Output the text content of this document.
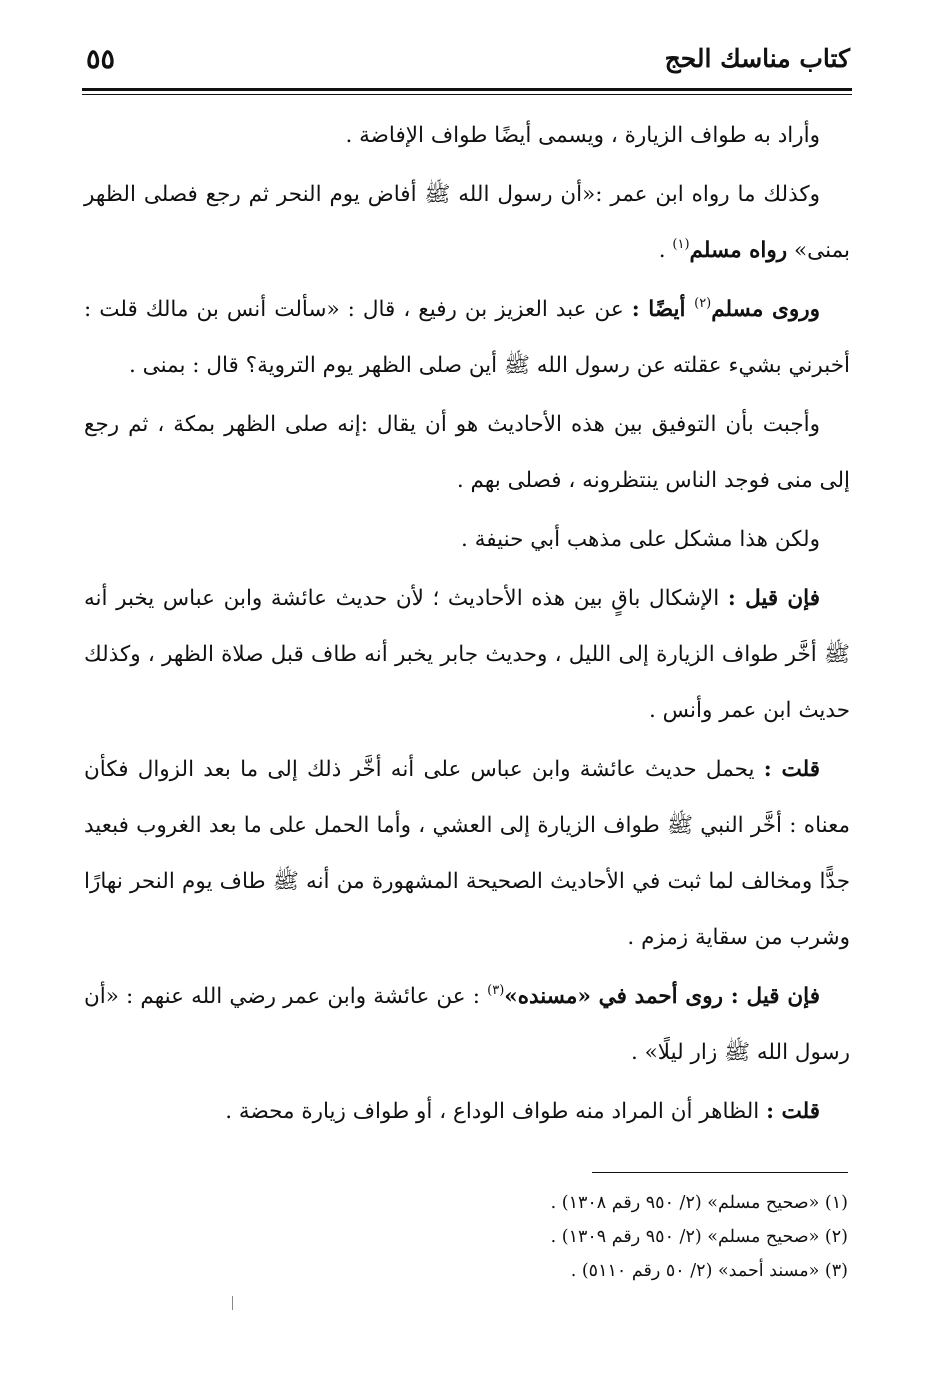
٥٥	كتاب مناسك الحج

وأراد به طواف الزيارة ، ويسمى أيضًا طواف الإفاضة .

وكذلك ما رواه ابن عمر :«أن رسول الله ﷺ أفاض يوم النحر ثم رجع فصلى الظهر بمنى» رواه مسلم$^{(١)}$ .

وروى مسلم$^{(٢)}$ أيضًا : عن عبد العزيز بن رفيع ، قال : «سألت أنس بن مالك قلت : أخبرني بشيء عقلته عن رسول الله ﷺ أين صلى الظهر يوم التروية؟ قال : بمنى .

وأجبت بأن التوفيق بين هذه الأحاديث هو أن يقال :إنه صلى الظهر بمكة ، ثم رجع إلى منى فوجد الناس ينتظرونه ، فصلى بهم .

ولكن هذا مشكل على مذهب أبي حنيفة .

فإن قيل : الإشكال باقٍ بين هذه الأحاديث ؛ لأن حديث عائشة وابن عباس يخبر أنه ﷺ أخَّر طواف الزيارة إلى الليل ، وحديث جابر يخبر أنه طاف قبل صلاة الظهر ، وكذلك حديث ابن عمر وأنس .

قلت : يحمل حديث عائشة وابن عباس على أنه أخَّر ذلك إلى ما بعد الزوال فكأن معناه : أخَّر النبي ﷺ طواف الزيارة إلى العشي ، وأما الحمل على ما بعد الغروب فبعيد جدًّا ومخالف لما ثبت في الأحاديث الصحيحة المشهورة من أنه ﷺ طاف يوم النحر نهارًا وشرب من سقاية زمزم .

فإن قيل : روى أحمد في «مسنده»$^{(٣)}$ : عن عائشة وابن عمر رضي الله عنهم : «أن رسول الله ﷺ زار ليلًا» .

قلت : الظاهر أن المراد منه طواف الوداع ، أو طواف زيارة محضة .

(١) «صحيح مسلم» (٢/ ٩٥٠ رقم ١٣٠٨) .
(٢) «صحيح مسلم» (٢/ ٩٥٠ رقم ١٣٠٩) .
(٣) «مسند أحمد» (٢/ ٥٠ رقم ٥١١٠) .
